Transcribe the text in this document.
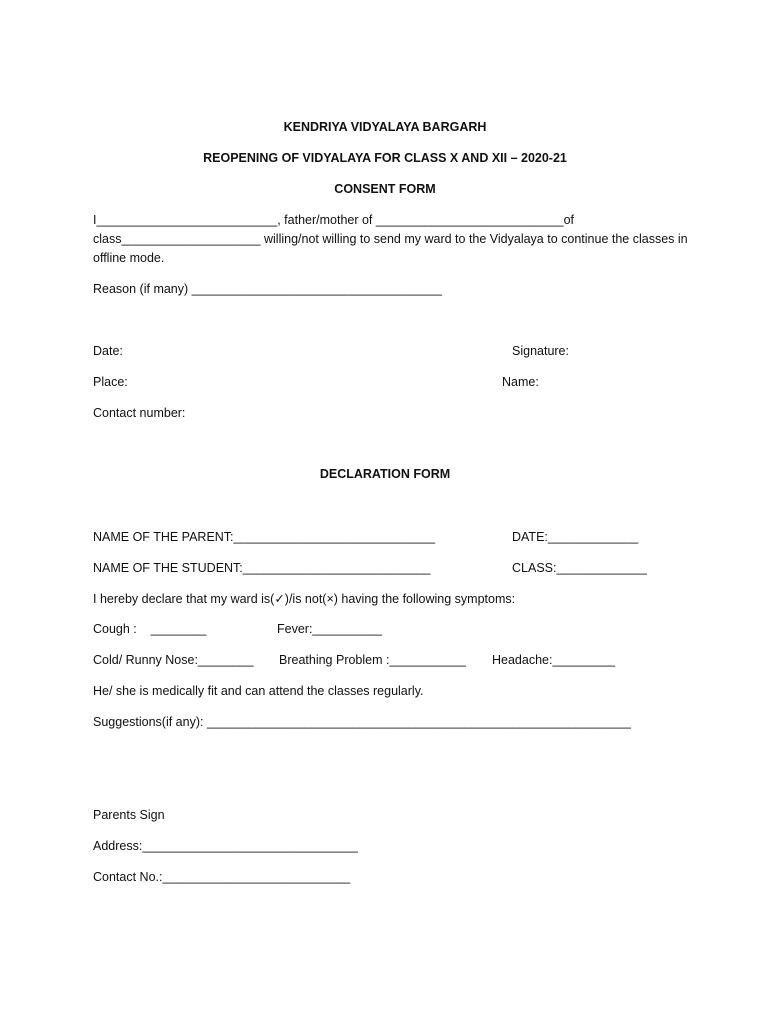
KENDRIYA VIDYALAYA BARGARH
REOPENING OF VIDYALAYA FOR CLASS X AND XII – 2020-21
CONSENT FORM
I__________________________, father/mother of ___________________________of
class____________________ willing/not willing to send my ward to the Vidyalaya to continue the classes in
offline mode.
Reason (if many) ____________________________________
Date:	Signature:
Place:	Name:
Contact number:
DECLARATION FORM
NAME OF THE PARENT:_____________________________	DATE:_____________
NAME OF THE STUDENT:___________________________	CLASS:_____________
I hereby declare that my ward is(✓)/is not(×) having the following symptoms:
Cough :    ________	Fever:__________
Cold/ Runny Nose:________ Breathing Problem :___________ Headache:_________
He/ she is medically fit and can attend the classes regularly.
Suggestions(if any): _____________________________________________________________
Parents Sign
Address:_______________________________
Contact No.:___________________________
